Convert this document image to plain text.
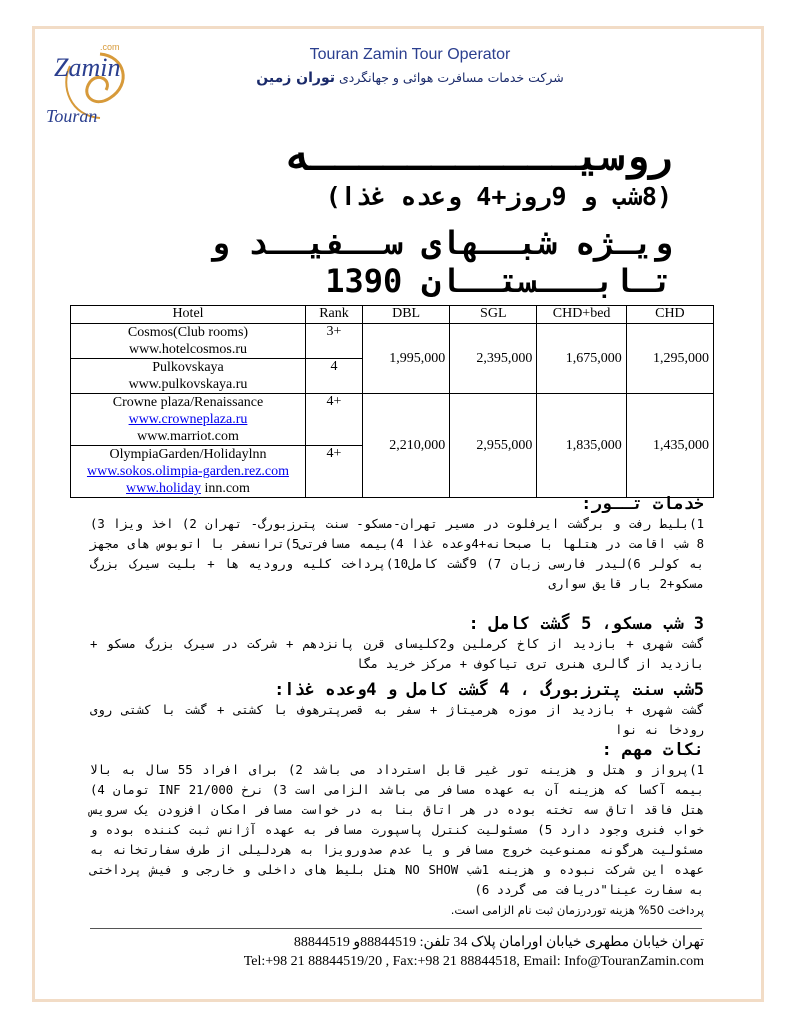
Zamin
Touran
.com	Touran Zamin Tour Operator
شرکت خدمات مسافرت هوائی و جهانگردی توران زمین
روسیـــــــــــه
(8شب و 9روز+4 وعده غذا)
ویـژه شبــهای ســفیــد و
تـابـــستــان 1390
Hotel	Rank	DBL	SGL	CHD+bed	CHD

Cosmos(Club rooms)
www.hotelcosmos.ru	3+	1,995,000	2,395,000	1,675,000	1,295,000

Pulkovskaya
www.pulkovskaya.ru	4				

Crowne plaza/Renaissance
www.crowneplaza.ru
www.marriot.com	4+	2,210,000	2,955,000	1,835,000	1,435,000

OlympiaGarden/Holidaylnn
www.sokos.olimpia-garden.rez.com
www.holiday inn.com	4+				
خدمات تــور:
1)بلیط رفت و برگشت ایرفلوت در مسیر تهران-مسکو- سنت پترزبورگ- تهران 2) اخذ ویزا 3) 8 شب اقامت در هتلها با صبحانه+4وعده غذا 4)بیمه مسافرتی5)ترانسفر با اتوبوس های مجهز به کولر 6)لیدر فارسی زبان 7) 9گشت کامل10)پرداخت کلیه ورودیه ها + بلیت سیرک بزرگ مسکو+2 بار قایق سواری
3 شب مسکو، 5 گشت کامل :
گشت شهری + بازدید از کاخ کرملین و2کلیسای قرن پانزدهم + شرکت در سیرک بزرگ مسکو + بازدید از گالری هنری تری تیاکوف + مرکز خرید مگا
5شب سنت پترزبورگ ، 4 گشت کامل و 4وعده غذا:
گشت شهری + بازدید از موزه هرمیتاژ + سفر به قصرپترهوف با کشتی + گشت با کشتی روی رودخا نه نوا
نکات مهم :
1)پرواز و هتل و هزینه تور غیر قابل استرداد می باشد 2) برای افراد 55 سال به بالا بیمه آکسا که هزینه آن به عهده مسافر می باشد الزامی است 3) نرخ INF 21/000 تومان 4) هتل فاقد اتاق سه تخته بوده در هر اتاق بنا به در خواست مسافر امکان افزودن یک سرویس خواب فنری وجود دارد 5) مسئولیت کنترل پاسپورت مسافر به عهده آژانس ثبت کننده بوده و مسئولیت هرگونه ممنوعیت خروج مسافر و یا عدم صدورویزا به هردلیلی از طرف سفارتخانه به عهده این شرکت نبوده و هزینه 1شب NO SHOW هتل بلیط های داخلی و خارجی و فیش پرداختی به سفارت عینا"دریافت می گردد 6)
پرداخت 50% هزینه توردرزمان ثبت نام الزامی است.
تهران خیابان مطهری خیابان اورامان پلاک 34 تلفن: 88844519و 88844519
Tel:+98 21 88844519/20 , Fax:+98 21 88844518, Email: Info@TouranZamin.com
